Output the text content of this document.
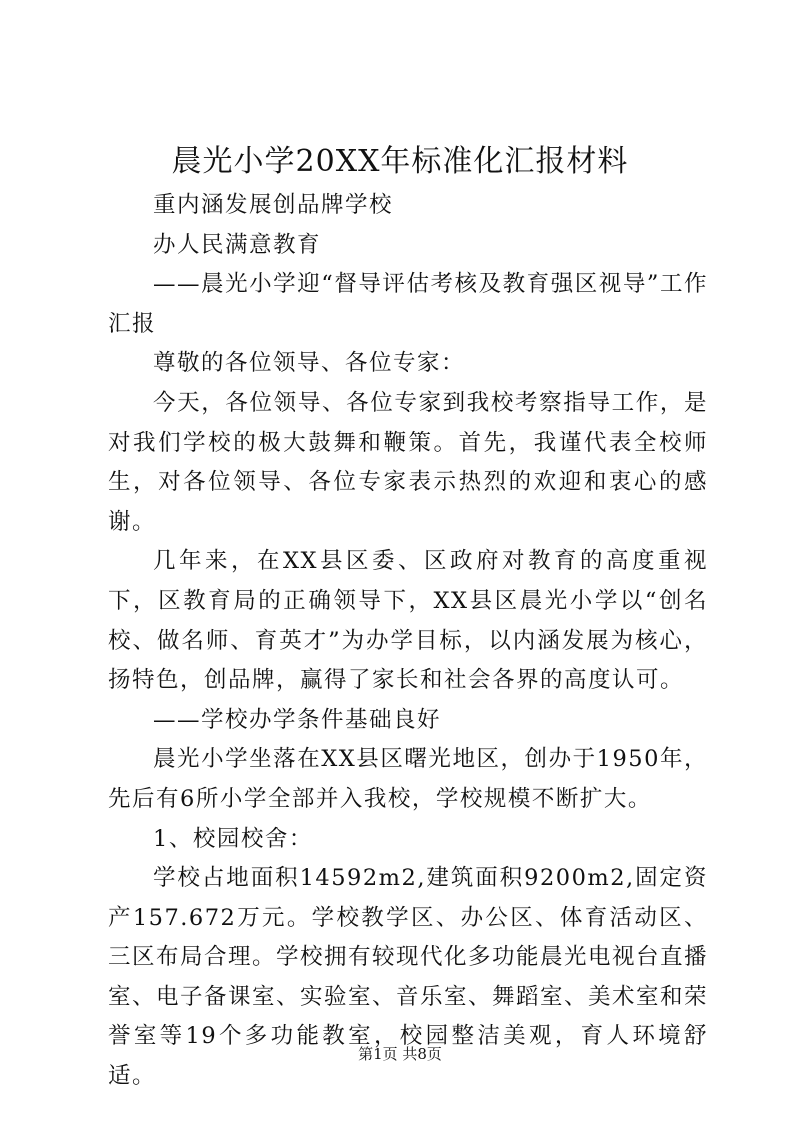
晨光小学20XX年标准化汇报材料

重内涵发展创品牌学校

办人民满意教育

——晨光小学迎“督导评估考核及教育强区视导”工作汇报

尊敬的各位领导、各位专家：

今天，各位领导、各位专家到我校考察指导工作，是对我们学校的极大鼓舞和鞭策。首先，我谨代表全校师生，对各位领导、各位专家表示热烈的欢迎和衷心的感谢。

几年来，在XX县区委、区政府对教育的高度重视下，区教育局的正确领导下，XX县区晨光小学以“创名校、做名师、育英才”为办学目标，以内涵发展为核心，扬特色，创品牌，赢得了家长和社会各界的高度认可。

——学校办学条件基础良好

晨光小学坐落在XX县区曙光地区，创办于1950年，先后有6所小学全部并入我校，学校规模不断扩大。

1、校园校舍：

学校占地面积14592m2,建筑面积9200m2,固定资产157.672万元。学校教学区、办公区、体育活动区、三区布局合理。学校拥有较现代化多功能晨光电视台直播室、电子备课室、实验室、音乐室、舞蹈室、美术室和荣誉室等19个多功能教室，校园整洁美观，育人环境舒适。

第1页 共8页
